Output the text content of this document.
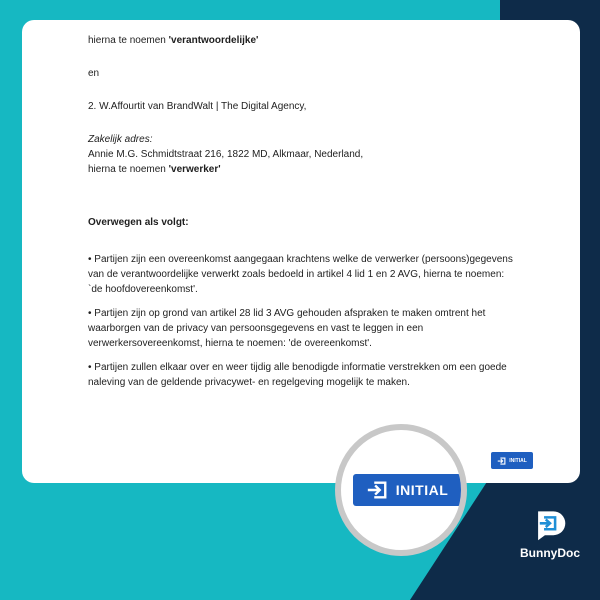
hierna te noemen 'verantwoordelijke'

en

2. W.Affourtit van BrandWalt | The Digital Agency,

Zakelijk adres:

Annie M.G. Schmidtstraat 216, 1822 MD, Alkmaar, Nederland,

hierna te noemen 'verwerker'

Overwegen als volgt:

• Partijen zijn een overeenkomst aangegaan krachtens welke de verwerker (persoons)gegevens van de verantwoordelijke verwerkt zoals bedoeld in artikel 4 lid 1 en 2 AVG, hierna te noemen: `de hoofdovereenkomst'.

• Partijen zijn op grond van artikel 28 lid 3 AVG gehouden afspraken te maken omtrent het waarborgen van de privacy van persoonsgegevens en vast te leggen in een verwerkersovereenkomst, hierna te noemen: 'de overeenkomst'.

• Partijen zullen elkaar over en weer tijdig alle benodigde informatie verstrekken om een goede naleving van de geldende privacywet- en regelgeving mogelijk te maken.

INITIAL
INITIAL
BunnyDoc
